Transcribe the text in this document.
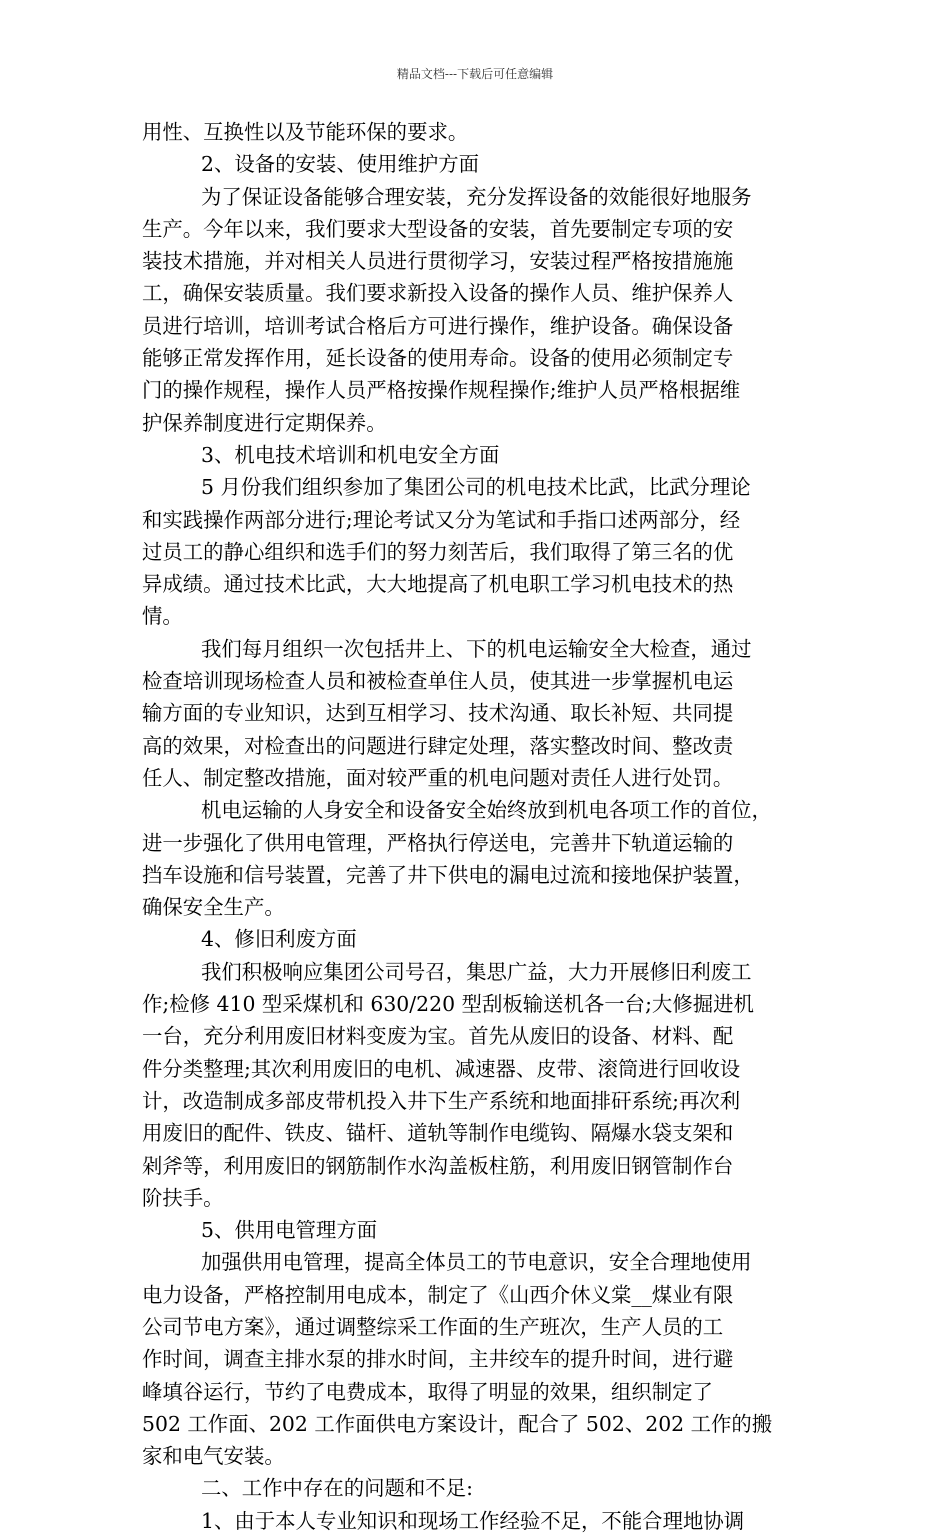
精品文档---下载后可任意编辑
用性、互换性以及节能环保的要求。
2、设备的安装、使用维护方面
为了保证设备能够合理安装，充分发挥设备的效能很好地服务
生产。今年以来，我们要求大型设备的安装，首先要制定专项的安
装技术措施，并对相关人员进行贯彻学习，安装过程严格按措施施
工，确保安装质量。我们要求新投入设备的操作人员、维护保养人
员进行培训，培训考试合格后方可进行操作，维护设备。确保设备
能够正常发挥作用，延长设备的使用寿命。设备的使用必须制定专
门的操作规程，操作人员严格按操作规程操作;维护人员严格根据维
护保养制度进行定期保养。
3、机电技术培训和机电安全方面
5 月份我们组织参加了集团公司的机电技术比武，比武分理论
和实践操作两部分进行;理论考试又分为笔试和手指口述两部分，经
过员工的静心组织和选手们的努力刻苦后，我们取得了第三名的优
异成绩。通过技术比武，大大地提高了机电职工学习机电技术的热
情。
我们每月组织一次包括井上、下的机电运输安全大检查，通过
检查培训现场检查人员和被检查单住人员，使其进一步掌握机电运
输方面的专业知识，达到互相学习、技术沟通、取长补短、共同提
高的效果，对检查出的问题进行肆定处理，落实整改时间、整改责
任人、制定整改措施，面对较严重的机电问题对责任人进行处罚。
机电运输的人身安全和设备安全始终放到机电各项工作的首位，
进一步强化了供用电管理，严格执行停送电，完善井下轨道运输的
挡车设施和信号装置，完善了井下供电的漏电过流和接地保护装置，
确保安全生产。
4、修旧利废方面
我们积极响应集团公司号召，集思广益，大力开展修旧利废工
作;检修 410 型采煤机和 630/220 型刮板输送机各一台;大修掘进机
一台，充分利用废旧材料变废为宝。首先从废旧的设备、材料、配
件分类整理;其次利用废旧的电机、减速器、皮带、滚筒进行回收设
计，改造制成多部皮带机投入井下生产系统和地面排矸系统;再次利
用废旧的配件、铁皮、锚杆、道轨等制作电缆钩、隔爆水袋支架和
剁斧等，利用废旧的钢筋制作水沟盖板柱筋，利用废旧钢管制作台
阶扶手。
5、供用电管理方面
加强供用电管理，提高全体员工的节电意识，安全合理地使用
电力设备，严格控制用电成本，制定了《山西介休义棠__煤业有限
公司节电方案》，通过调整综采工作面的生产班次，生产人员的工
作时间，调查主排水泵的排水时间，主井绞车的提升时间，进行避
峰填谷运行，节约了电费成本，取得了明显的效果，组织制定了
502 工作面、202 工作面供电方案设计，配合了 502、202 工作的搬
家和电气安装。
二、工作中存在的问题和不足:
1、由于本人专业知识和现场工作经验不足，不能合理地协调
